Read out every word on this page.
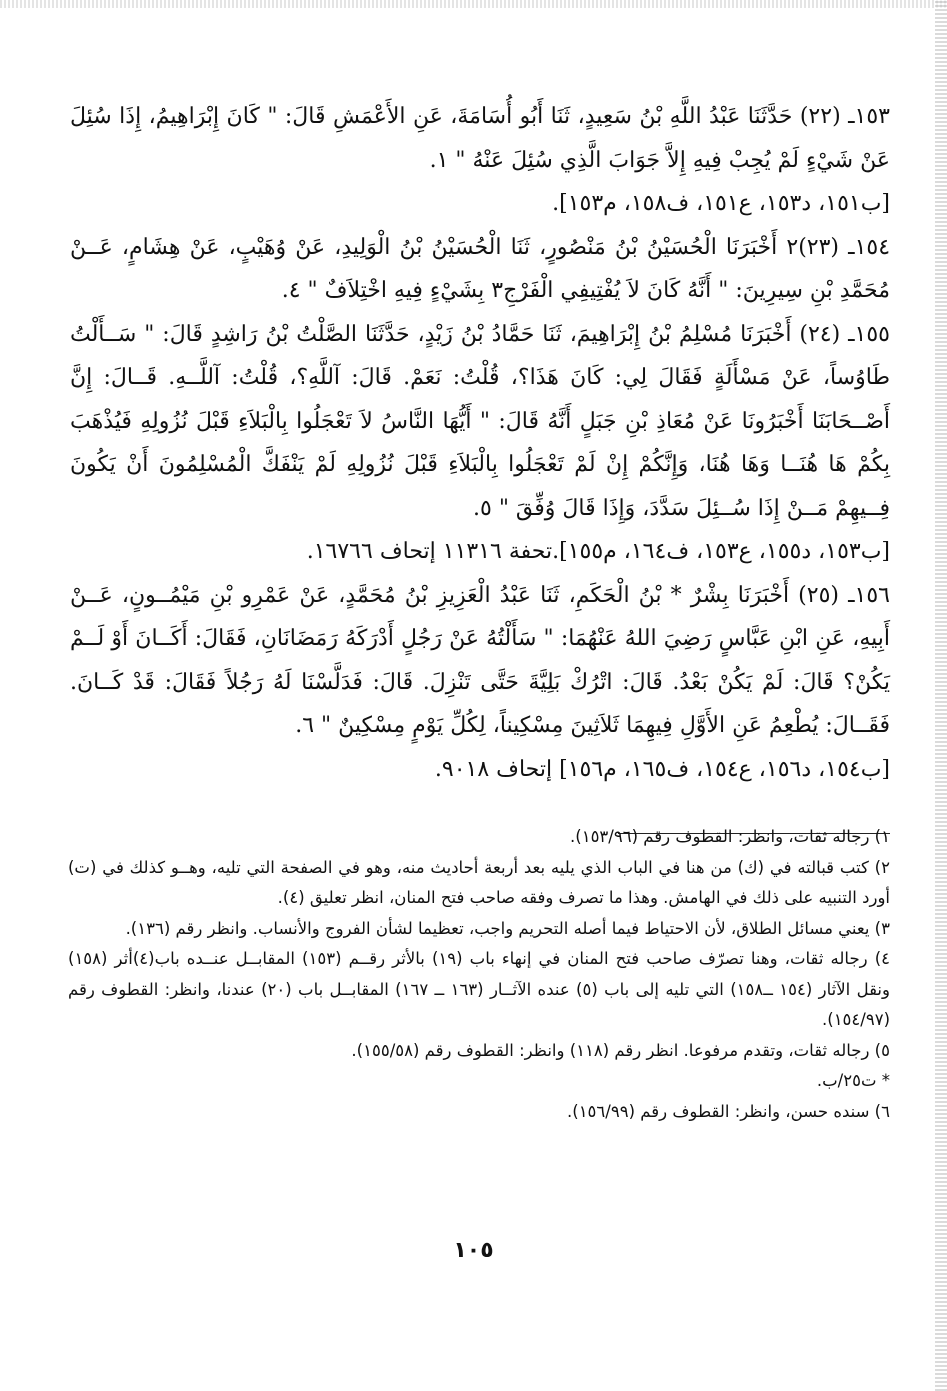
١٥٣ـ (٢٢) حَدَّثَنَا عَبْدُ اللَّهِ بْنُ سَعِيدٍ، ثَنَا أَبُو أُسَامَةَ، عَنِ الأَعْمَشِ قَالَ: " كَانَ إِبْرَاهِيمُ، إِذَا سُئِلَ عَنْ شَيْءٍ لَمْ يُجِبْ فِيهِ إِلاَّ جَوَابَ الَّذِي سُئِلَ عَنْهُ " ١.

[ب١٥١، د١٥٣، ع١٥١، ف١٥٨، م١٥٣].

١٥٤ـ (٢٣)٢ أَخْبَرَنَا الْحُسَيْنُ بْنُ مَنْصُورٍ، ثَنَا الْحُسَيْنُ بْنُ الْوَلِيدِ، عَنْ وُهَيْبٍ، عَنْ هِشَامٍ، عَــنْ مُحَمَّدِ بْنِ سِيرِينَ: " أَنَّهُ كَانَ لاَ يُفْتِيفِي الْفَرْجِ٣ بِشَيْءٍ فِيهِ اخْتِلاَفٌ " ٤.

١٥٥ـ (٢٤) أَخْبَرَنَا مُسْلِمُ بْنُ إِبْرَاهِيمَ، ثَنَا حَمَّادُ بْنُ زَيْدٍ، حَدَّثَنَا الصَّلْتُ بْنُ رَاشِدٍ قَالَ: " سَــأَلْتُ طَاوُساً، عَنْ مَسْأَلَةٍ فَقَالَ لِي: كَانَ هَذَا؟، قُلْتُ: نَعَمْ. قَالَ: آللَّهِ؟، قُلْتُ: آللَّــهِ. قَــالَ: إِنَّ أَصْــحَابَنَا أَخْبَرُونَا عَنْ مُعَاذِ بْنِ جَبَلٍ أَنَّهُ قَالَ: " أَيُّهَا النَّاسُ لاَ تَعْجَلُوا بِالْبَلاَءِ قَبْلَ نُزُولِهِ فَيُذْهَبَ بِكُمْ هَا هُنَــا وَهَا هُنَا، وَإِنَّكُمْ إِنْ لَمْ تَعْجَلُوا بِالْبَلاَءِ قَبْلَ نُزُولِهِ لَمْ يَنْفَكَّ الْمُسْلِمُونَ أَنْ يَكُونَ فِــيهِمْ مَــنْ إِذَا سُــئِلَ سَدَّدَ، وَإِذَا قَالَ وُفِّقَ " ٥.

[ب١٥٣، د١٥٥، ع١٥٣، ف١٦٤، م١٥٥].تحفة ١١٣١٦ إتحاف ١٦٧٦٦.

١٥٦ـ (٢٥) أَخْبَرَنَا بِشْرٌ * بْنُ الْحَكَمِ، ثَنَا عَبْدُ الْعَزِيزِ بْنُ مُحَمَّدٍ، عَنْ عَمْرِو بْنِ مَيْمُــونٍ، عَــنْ أَبِيهِ، عَنِ ابْنِ عَبَّاسٍ رَضِيَ اللهُ عَنْهُمَا: " سَأَلْتُهُ عَنْ رَجُلٍ أَدْرَكَهُ رَمَضَانَانِ، فَقَالَ: أَكَــانَ أَوْ لَــمْ يَكُنْ؟ قَالَ: لَمْ يَكُنْ بَعْدُ. قَالَ: اتْرُكْ بَلِيَّةَ حَتَّى تَنْزِلَ. قَالَ: فَدَلَّسْنَا لَهُ رَجُلاً فَقَالَ: قَدْ كَــانَ. فَقَــالَ: يُطْعِمُ عَنِ الأَوَّلِ فِيهِمَا ثَلاَثِينَ مِسْكِيناً، لِكُلِّ يَوْمٍ مِسْكِينٌ " ٦.

[ب١٥٤، د١٥٦، ع١٥٤، ف١٦٥، م١٥٦] إتحاف ٩٠١٨.

١) رجاله ثقات، وانظر: القطوف رقم (١٥٣/٩٦).

٢) كتب قبالته في (ك) من هنا في الباب الذي يليه بعد أربعة أحاديث منه، وهو في الصفحة التي تليه، وهــو كذلك في (ت) أورد التنبيه على ذلك في الهامش. وهذا ما تصرف وفقه صاحب فتح المنان، انظر تعليق (٤).

٣) يعني مسائل الطلاق، لأن الاحتياط فيما أصله التحريم واجب، تعظيما لشأن الفروج والأنساب. وانظر رقم (١٣٦).

٤) رجاله ثقات، وهنا تصرّف صاحب فتح المنان في إنهاء باب (١٩) بالأثر رقــم (١٥٣) المقابــل عنــده باب(٤)أثر (١٥٨) ونقل الآثار (١٥٤ ــ١٥٨) التي تليه إلى باب (٥) عنده الآثــار (١٦٣ ــ ١٦٧) المقابــل باب (٢٠) عندنا، وانظر: القطوف رقم (١٥٤/٩٧).

٥) رجاله ثقات، وتقدم مرفوعا. انظر رقم (١١٨) وانظر: القطوف رقم (١٥٥/٥٨).

* ت٢٥/ب.

٦) سنده حسن، وانظر: القطوف رقم (١٥٦/٩٩).

١٠٥
